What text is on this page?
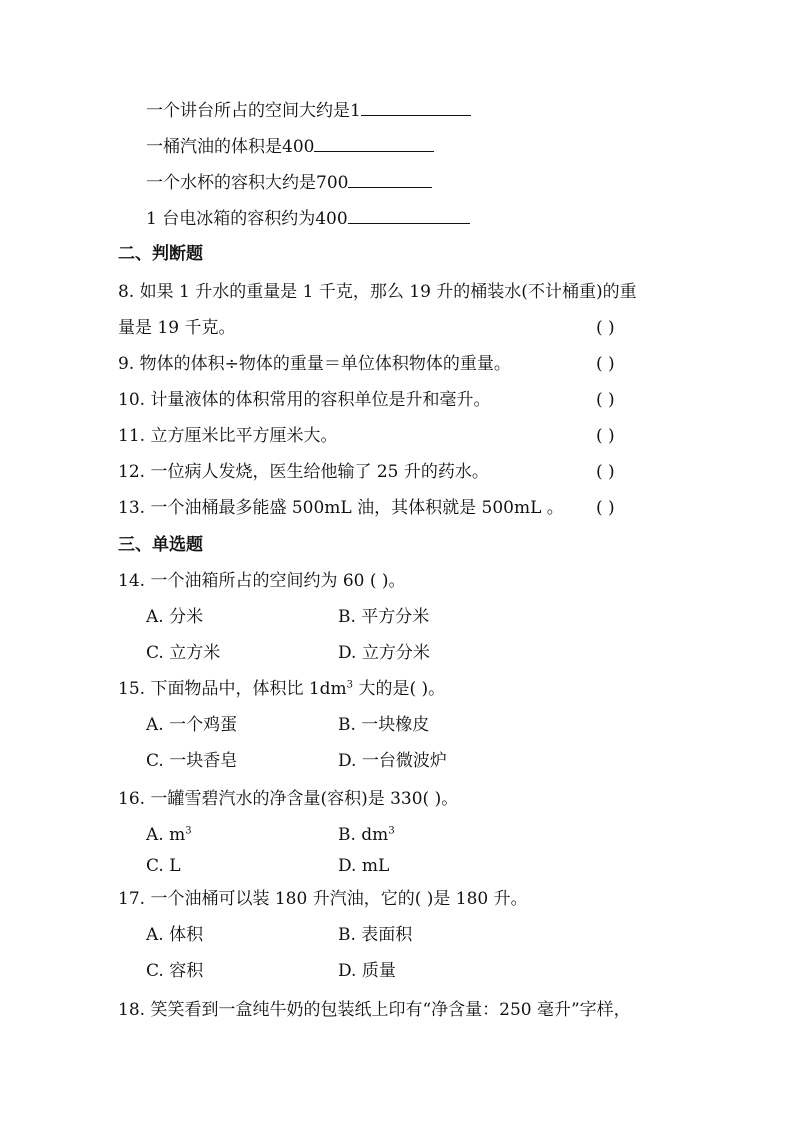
一个讲台所占的空间大约是1
一桶汽油的体积是400
一个水杯的容积大约是700
1 台电冰箱的容积约为400
二、判断题
8. 如果 1 升水的重量是 1 千克，那么 19 升的桶装水(不计桶重)的重
量是 19 千克。	( )
9. 物体的体积÷物体的重量＝单位体积物体的重量。	( )
10. 计量液体的体积常用的容积单位是升和毫升。	( )
11. 立方厘米比平方厘米大。	( )
12. 一位病人发烧，医生给他输了 25 升的药水。	( )
13. 一个油桶最多能盛 500mL 油，其体积就是 500mL 。 ( )
三、单选题
14. 一个油箱所占的空间约为 60 ( )。
A. 分米	B. 平方分米
C. 立方米	D. 立方分米
15. 下面物品中，体积比 $1dm^3$ 大的是( )。
A. 一个鸡蛋	B. 一块橡皮
C. 一块香皂	D. 一台微波炉
16. 一罐雪碧汽水的净含量(容积)是 330( )。
A. $m^3$	B. $dm^3$
C. L	D. mL
17. 一个油桶可以装 180 升汽油，它的( )是 180 升。
A. 体积	B. 表面积
C. 容积	D. 质量
18. 笑笑看到一盒纯牛奶的包装纸上印有“净含量：250 毫升”字样，
